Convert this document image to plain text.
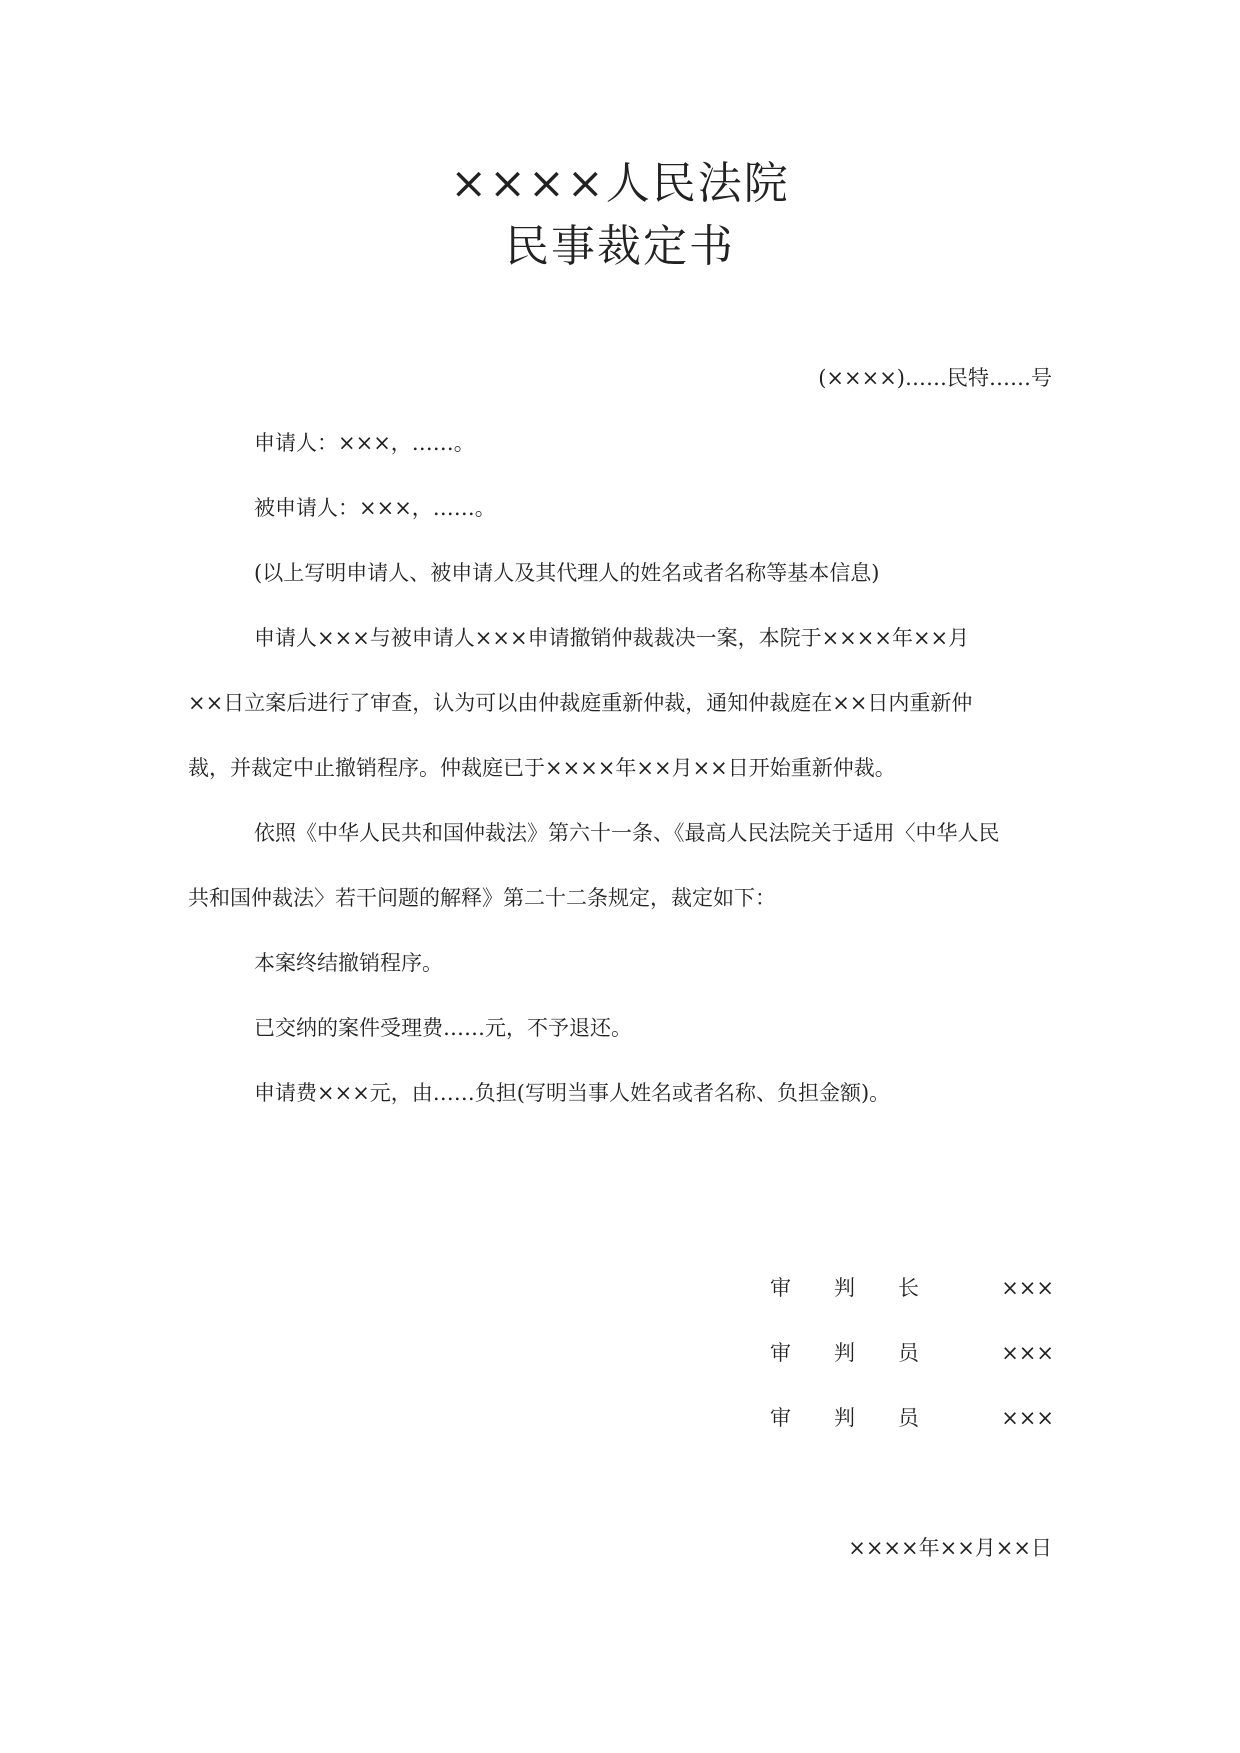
××××人民法院
民事裁定书
(××××)……民特……号
申请人：×××，……。
被申请人：×××，……。
(以上写明申请人、被申请人及其代理人的姓名或者名称等基本信息)
申请人×××与被申请人×××申请撤销仲裁裁决一案，本院于××××年××月
××日立案后进行了审查，认为可以由仲裁庭重新仲裁，通知仲裁庭在××日内重新仲
裁，并裁定中止撤销程序。仲裁庭已于××××年××月××日开始重新仲裁。
依照《中华人民共和国仲裁法》第六十一条、《最高人民法院关于适用〈中华人民
共和国仲裁法〉若干问题的解释》第二十二条规定，裁定如下：
本案终结撤销程序。
已交纳的案件受理费……元，不予退还。
申请费×××元，由……负担(写明当事人姓名或者名称、负担金额)。
审 判 长	×××
审 判 员	×××
审 判 员	×××
××××年××月××日
